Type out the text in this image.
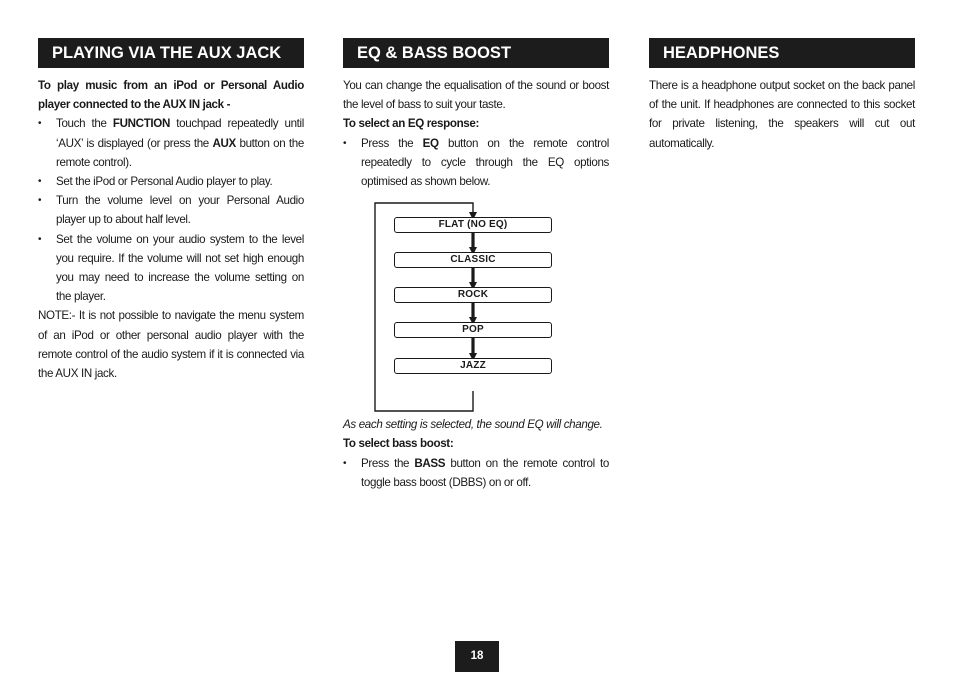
PLAYING VIA THE AUX JACK

To play music from an iPod or Personal Audio player connected to the AUX IN jack -

• Touch the FUNCTION touchpad repeatedly until ‘AUX’ is displayed (or press the AUX button on the remote control).
• Set the iPod or Personal Audio player to play.
• Turn the volume level on your Personal Audio player up to about half level.
• Set the volume on your audio system to the level you require. If the volume will not set high enough you may need to increase the volume setting on the player.

NOTE:- It is not possible to navigate the menu system of an iPod or other personal audio player with the remote control of the audio system if it is connected via the AUX IN jack.

EQ & BASS BOOST

You can change the equalisation of the sound or boost the level of bass to suit your taste.

To select an EQ response:

• Press the EQ button on the remote control repeatedly to cycle through the EQ options optimised as shown below.
FLAT (NO EQ)
CLASSIC
ROCK
POP
JAZZ

As each setting is selected, the sound EQ will change.

To select bass boost:

• Press the BASS button on the remote control to toggle bass boost (DBBS) on or off.
HEADPHONES

There is a headphone output socket on the back panel of the unit. If headphones are connected to this socket for private listening, the speakers will cut out automatically.

18
